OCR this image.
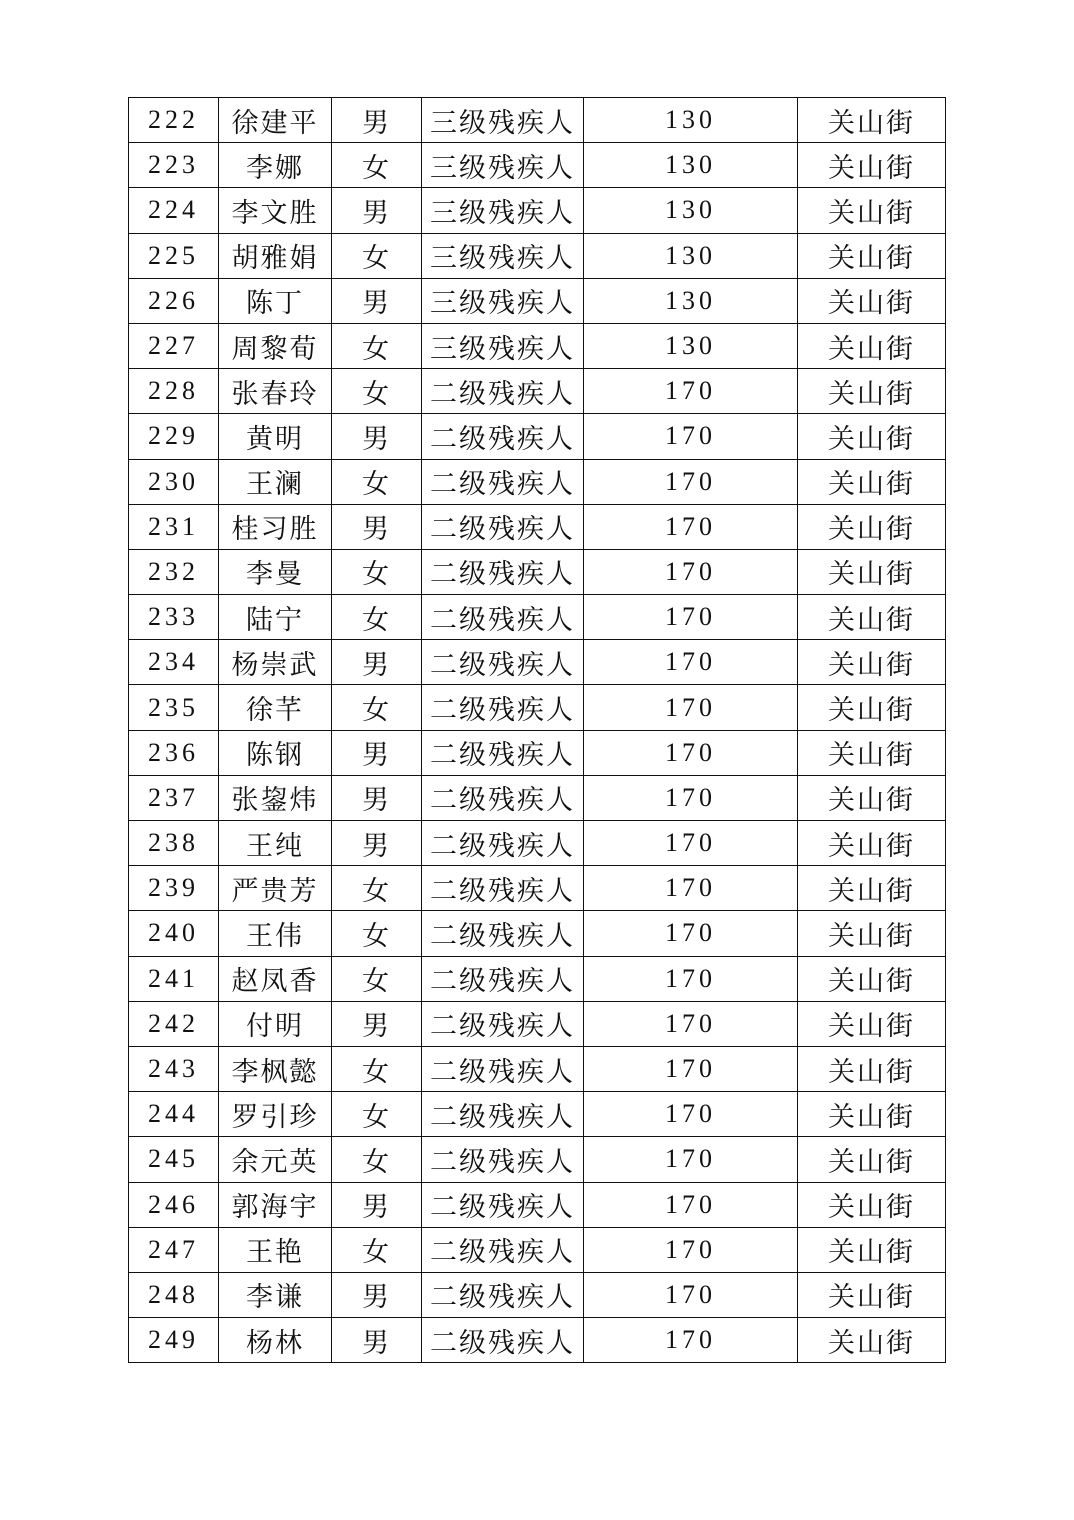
222	徐建平	男	三级残疾人	130	关山街
223	李娜	女	三级残疾人	130	关山街
224	李文胜	男	三级残疾人	130	关山街
225	胡雅娟	女	三级残疾人	130	关山街
226	陈丁	男	三级残疾人	130	关山街
227	周黎荀	女	三级残疾人	130	关山街
228	张春玲	女	二级残疾人	170	关山街
229	黄明	男	二级残疾人	170	关山街
230	王澜	女	二级残疾人	170	关山街
231	桂习胜	男	二级残疾人	170	关山街
232	李曼	女	二级残疾人	170	关山街
233	陆宁	女	二级残疾人	170	关山街
234	杨崇武	男	二级残疾人	170	关山街
235	徐芊	女	二级残疾人	170	关山街
236	陈钢	男	二级残疾人	170	关山街
237	张鋆炜	男	二级残疾人	170	关山街
238	王纯	男	二级残疾人	170	关山街
239	严贵芳	女	二级残疾人	170	关山街
240	王伟	女	二级残疾人	170	关山街
241	赵凤香	女	二级残疾人	170	关山街
242	付明	男	二级残疾人	170	关山街
243	李枫懿	女	二级残疾人	170	关山街
244	罗引珍	女	二级残疾人	170	关山街
245	余元英	女	二级残疾人	170	关山街
246	郭海宇	男	二级残疾人	170	关山街
247	王艳	女	二级残疾人	170	关山街
248	李谦	男	二级残疾人	170	关山街
249	杨林	男	二级残疾人	170	关山街
